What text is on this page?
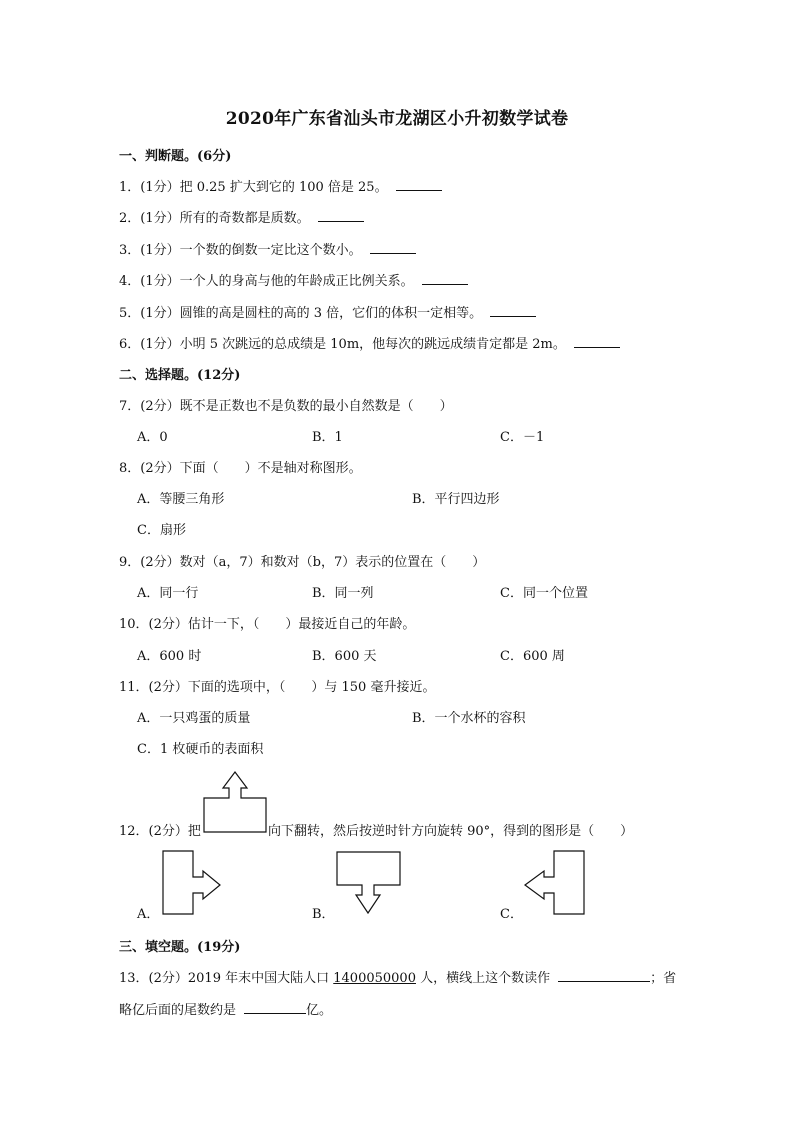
2020年广东省汕头市龙湖区小升初数学试卷
一、判断题。(6分)
1．(1分）把 0.25 扩大到它的 100 倍是 25。
2．(1分）所有的奇数都是质数。
3．(1分）一个数的倒数一定比这个数小。
4．(1分）一个人的身高与他的年龄成正比例关系。
5．(1分）圆锥的高是圆柱的高的 3 倍，它们的体积一定相等。
6．(1分）小明 5 次跳远的总成绩是 10m，他每次的跳远成绩肯定都是 2m。
二、选择题。(12分)
7．(2分）既不是正数也不是负数的最小自然数是（　　）
A．0	B．1	C．－1
8．(2分）下面（　　）不是轴对称图形。
A．等腰三角形	B．平行四边形
C．扇形
9．(2分）数对（a，7）和数对（b，7）表示的位置在（　　）
A．同一行	B．同一列	C．同一个位置
10．(2分）估计一下，（　　）最接近自己的年龄。
A．600 时	B．600 天	C．600 周
11．(2分）下面的选项中，（　　）与 150 毫升接近。
A．一只鸡蛋的质量	B．一个水杯的容积
C．1 枚硬币的表面积
12．(2分）把	向下翻转，然后按逆时针方向旋转 90°，得到的图形是（　　）
A．	B．	C．
三、填空题。(19分)
13．(2分）2019 年末中国大陆人口 1400050000 人，横线上这个数读作	；省
略亿后面的尾数约是	亿。
